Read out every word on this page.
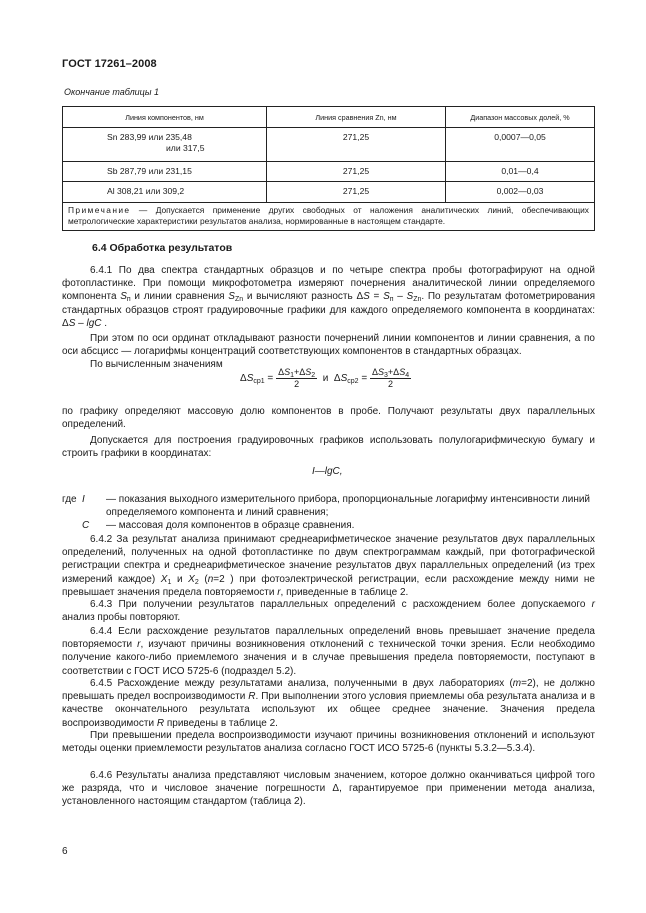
ГОСТ 17261–2008
Окончание таблицы 1
Линия компонентов, нм	Линия сравнения Zn, нм	Диапазон массовых долей, %

Sn 283,99 или 235,48
или 317,5	271,25	0,0007—0,05

Sb 287,79 или 231,15	271,25	0,01—0,4

Al 308,21 или 309,2	271,25	0,002—0,03
Примечание — Допускается применение других свободных от наложения аналитических линий, обеспечивающих метрологические характеристики результатов анализа, нормированные в настоящем стандарте.		
6.4 Обработка результатов
6.4.1 По два спектра стандартных образцов и по четыре спектра пробы фотографируют на одной фотопластинке. При помощи микрофотометра измеряют почернения аналитической линии определяемого компонента $S_п$ и линии сравнения $S_{Zn}$ и вычисляют разность $\Delta S = S_п - S_{Zn}$. По результатам фотометрирования стандартных образцов строят градуировочные графики для каждого определяемого компонента в координатах: ΔS – lgC .
При этом по оси ординат откладывают разности почернений линии компонентов и линии сравнения, а по оси абсцисс — логарифмы концентраций соответствующих компонентов в стандартных образцах.
По вычисленным значениям
$\Delta S_{ср1} = \frac{\Delta S_1+\Delta S_2}{2}$ и  $\Delta S_{ср2} = \frac{\Delta S_3+\Delta S_4}{2}$
по графику определяют массовую долю компонентов в пробе. Получают результаты двух параллельных определений.
Допускается для построения градуировочных графиков использовать полулогарифмическую бумагу и строить графики в координатах:
I—lgC,
где I — показания выходного измерительного прибора, пропорциональные логарифму интенсивности линий определяемого компонента и линий сравнения;
С — массовая доля компонентов в образце сравнения.
6.4.2 За результат анализа принимают среднеарифметическое значение результатов двух параллельных определений, полученных на одной фотопластинке по двум спектрограммам каждый, при фотографической регистрации спектра и среднеарифметическое значение результатов двух параллельных определений (из трех измерений каждое) $X_1$ и $X_2$ (n=2 ) при фотоэлектрической регистрации, если расхождение между ними не превышает значения предела повторяемости r, приведенные в таблице 2.
6.4.3 При получении результатов параллельных определений с расхождением более допускаемого r анализ пробы повторяют.
6.4.4 Если расхождение результатов параллельных определений вновь превышает значение предела повторяемости r, изучают причины возникновения отклонений с технической точки зрения. Если необходимо получение какого-либо приемлемого значения и в случае превышения предела повторяемости, поступают в соответствии с ГОСТ ИСО 5725-6 (подраздел 5.2).
6.4.5 Расхождение между результатами анализа, полученными в двух лабораториях (m=2), не должно превышать предел воспроизводимости R. При выполнении этого условия приемлемы оба результата анализа и в качестве окончательного результата используют их общее среднее значение. Значения предела воспроизводимости R приведены в таблице 2.
При превышении предела воспроизводимости изучают причины возникновения отклонений и используют методы оценки приемлемости результатов анализа согласно ГОСТ ИСО 5725-6 (пункты 5.3.2—5.3.4).
6.4.6 Результаты анализа представляют числовым значением, которое должно оканчиваться цифрой того же разряда, что и числовое значение погрешности Δ, гарантируемое при применении метода анализа, установленного настоящим стандартом (таблица 2).
6
